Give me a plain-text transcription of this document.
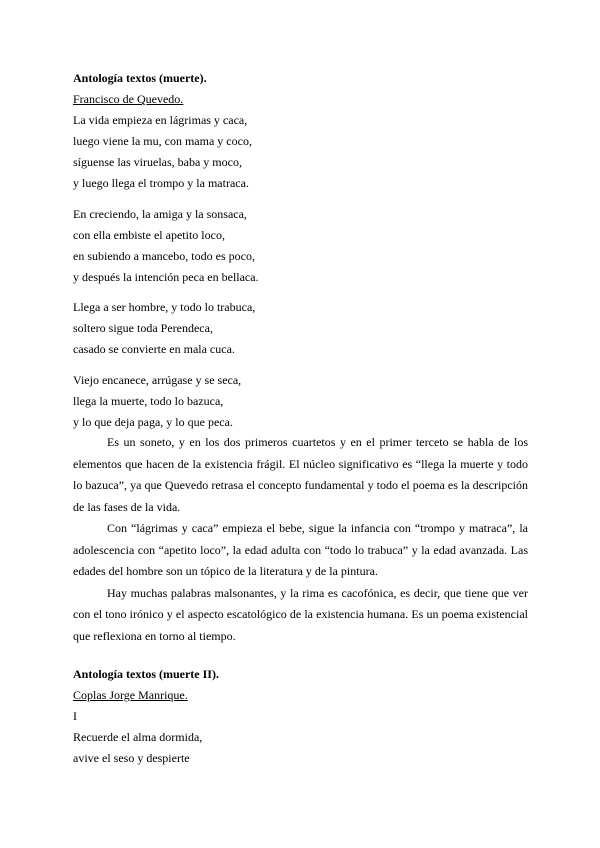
Antología textos (muerte).
Francisco de Quevedo.
La vida empieza en lágrimas y caca,
luego viene la mu, con mama y coco,
síguense las viruelas, baba y moco,
y luego llega el trompo y la matraca.
En creciendo, la amiga y la sonsaca,
con ella embiste el apetito loco,
en subiendo a mancebo, todo es poco,
y después la intención peca en bellaca.
Llega a ser hombre, y todo lo trabuca,
soltero sigue toda Perendeca,
casado se convierte en mala cuca.
Viejo encanece, arrúgase y se seca,
llega la muerte, todo lo bazuca,
y lo que deja paga, y lo que peca.

Es un soneto, y en los dos primeros cuartetos y en el primer terceto se habla de los elementos que hacen de la existencia frágil. El núcleo significativo es “llega la muerte y todo lo bazuca”, ya que Quevedo retrasa el concepto fundamental y todo el poema es la descripción de las fases de la vida.

Con “lágrimas y caca” empieza el bebe, sigue la infancia con “trompo y matraca”, la adolescencia con “apetito loco”, la edad adulta con “todo lo trabuca” y la edad avanzada. Las edades del hombre son un tópico de la literatura y de la pintura.

Hay muchas palabras malsonantes, y la rima es cacofónica, es decir, que tiene que ver con el tono irónico y el aspecto escatológico de la existencia humana. Es un poema existencial que reflexiona en torno al tiempo.

Antología textos (muerte II).
Coplas Jorge Manrique.
I
Recuerde el alma dormida,
avive el seso y despierte
